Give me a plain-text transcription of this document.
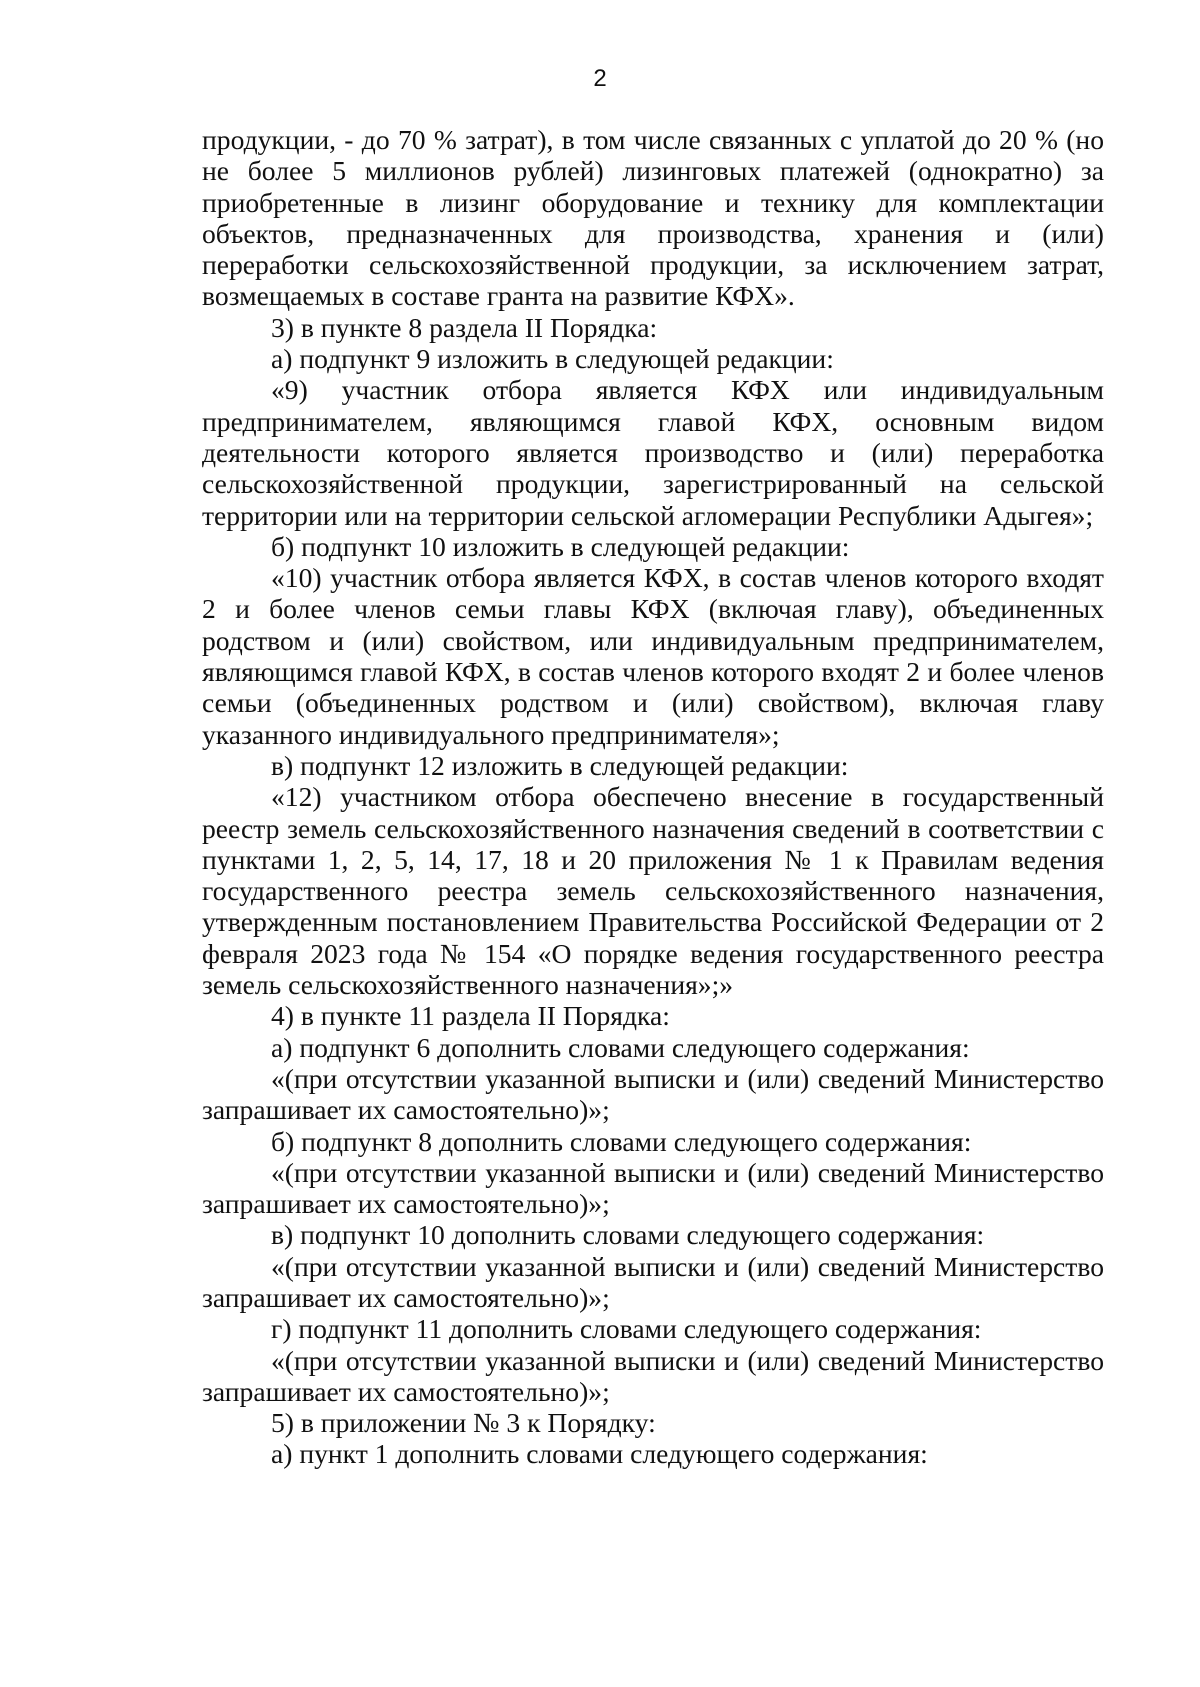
2

продукции, - до 70 % затрат), в том числе связанных с уплатой до 20 % (но не более 5 миллионов рублей) лизинговых платежей (однократно) за приобретенные в лизинг оборудование и технику для комплектации объектов, предназначенных для производства, хранения и (или) переработки сельскохозяйственной продукции, за исключением затрат, возмещаемых в составе гранта на развитие КФХ».

3) в пункте 8 раздела II Порядка:

а) подпункт 9 изложить в следующей редакции:

«9) участник отбора является КФХ или индивидуальным предпринимателем, являющимся главой КФХ, основным видом деятельности которого является производство и (или) переработка сельскохозяйственной продукции, зарегистрированный на сельской территории или на территории сельской агломерации Республики Адыгея»;

б) подпункт 10 изложить в следующей редакции:

«10) участник отбора является КФХ, в состав членов которого входят 2 и более членов семьи главы КФХ (включая главу), объединенных родством и (или) свойством, или индивидуальным предпринимателем, являющимся главой КФХ, в состав членов которого входят 2 и более членов семьи (объединенных родством и (или) свойством), включая главу указанного индивидуального предпринимателя»;

в) подпункт 12 изложить в следующей редакции:

«12) участником отбора обеспечено внесение в государственный реестр земель сельскохозяйственного назначения сведений в соответствии с пунктами 1, 2, 5, 14, 17, 18 и 20 приложения № 1 к Правилам ведения государственного реестра земель сельскохозяйственного назначения, утвержденным постановлением Правительства Российской Федерации от 2 февраля 2023 года № 154 «О порядке ведения государственного реестра земель сельскохозяйственного назначения»;»

4) в пункте 11 раздела II Порядка:

а) подпункт 6 дополнить словами следующего содержания:

«(при отсутствии указанной выписки и (или) сведений Министерство запрашивает их самостоятельно)»;

б) подпункт 8 дополнить словами следующего содержания:

«(при отсутствии указанной выписки и (или) сведений Министерство запрашивает их самостоятельно)»;

в) подпункт 10 дополнить словами следующего содержания:

«(при отсутствии указанной выписки и (или) сведений Министерство запрашивает их самостоятельно)»;

г) подпункт 11 дополнить словами следующего содержания:

«(при отсутствии указанной выписки и (или) сведений Министерство запрашивает их самостоятельно)»;

5) в приложении № 3 к Порядку:

а) пункт 1 дополнить словами следующего содержания:
